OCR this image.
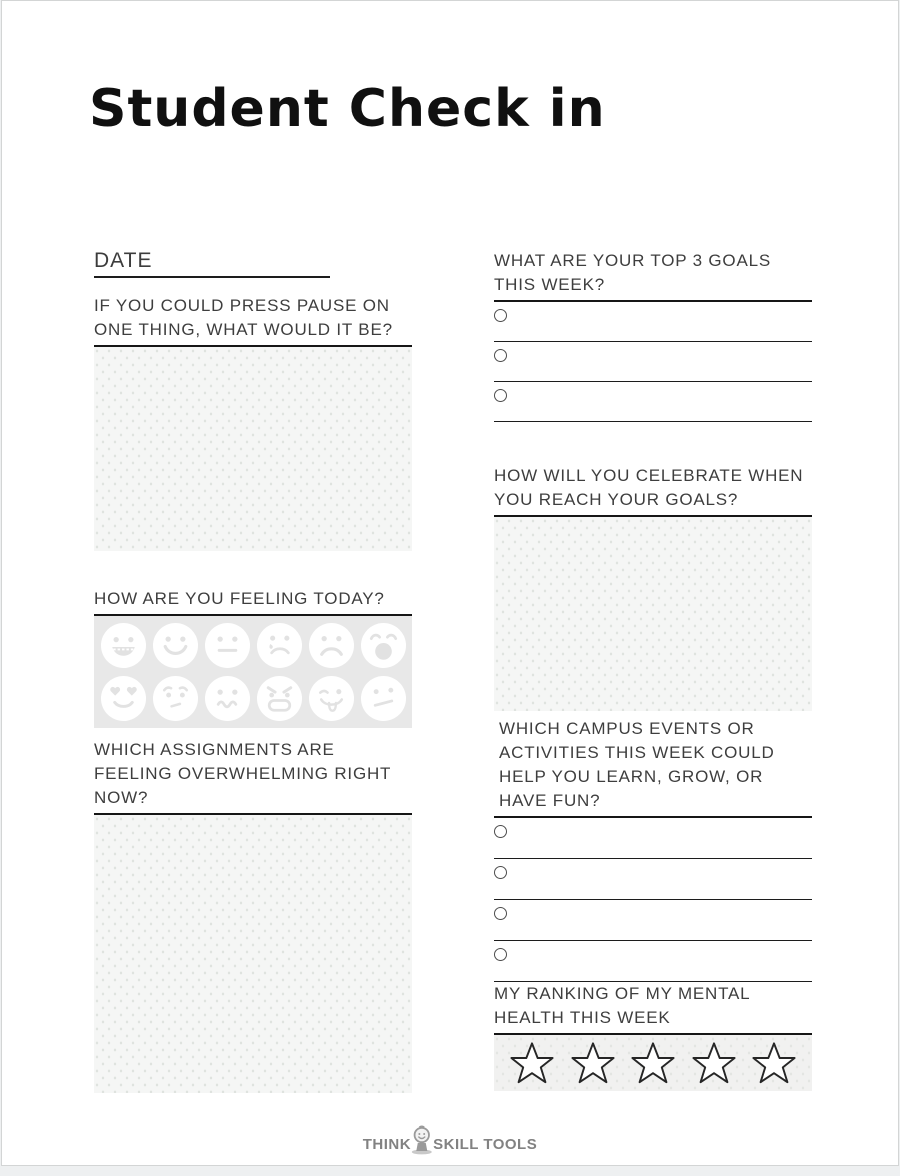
Student Check in
DATE
IF YOU COULD PRESS PAUSE ON ONE THING, WHAT WOULD IT BE?
HOW ARE YOU FEELING TODAY?
WHICH ASSIGNMENTS ARE FEELING OVERWHELMING RIGHT NOW?
WHAT ARE YOUR TOP 3 GOALS THIS WEEK?
HOW WILL YOU CELEBRATE WHEN YOU REACH YOUR GOALS?
WHICH CAMPUS EVENTS OR ACTIVITIES THIS WEEK COULD HELP YOU LEARN, GROW, OR HAVE FUN?
MY RANKING OF MY MENTAL HEALTH THIS WEEK
THINK SKILL TOOLS
